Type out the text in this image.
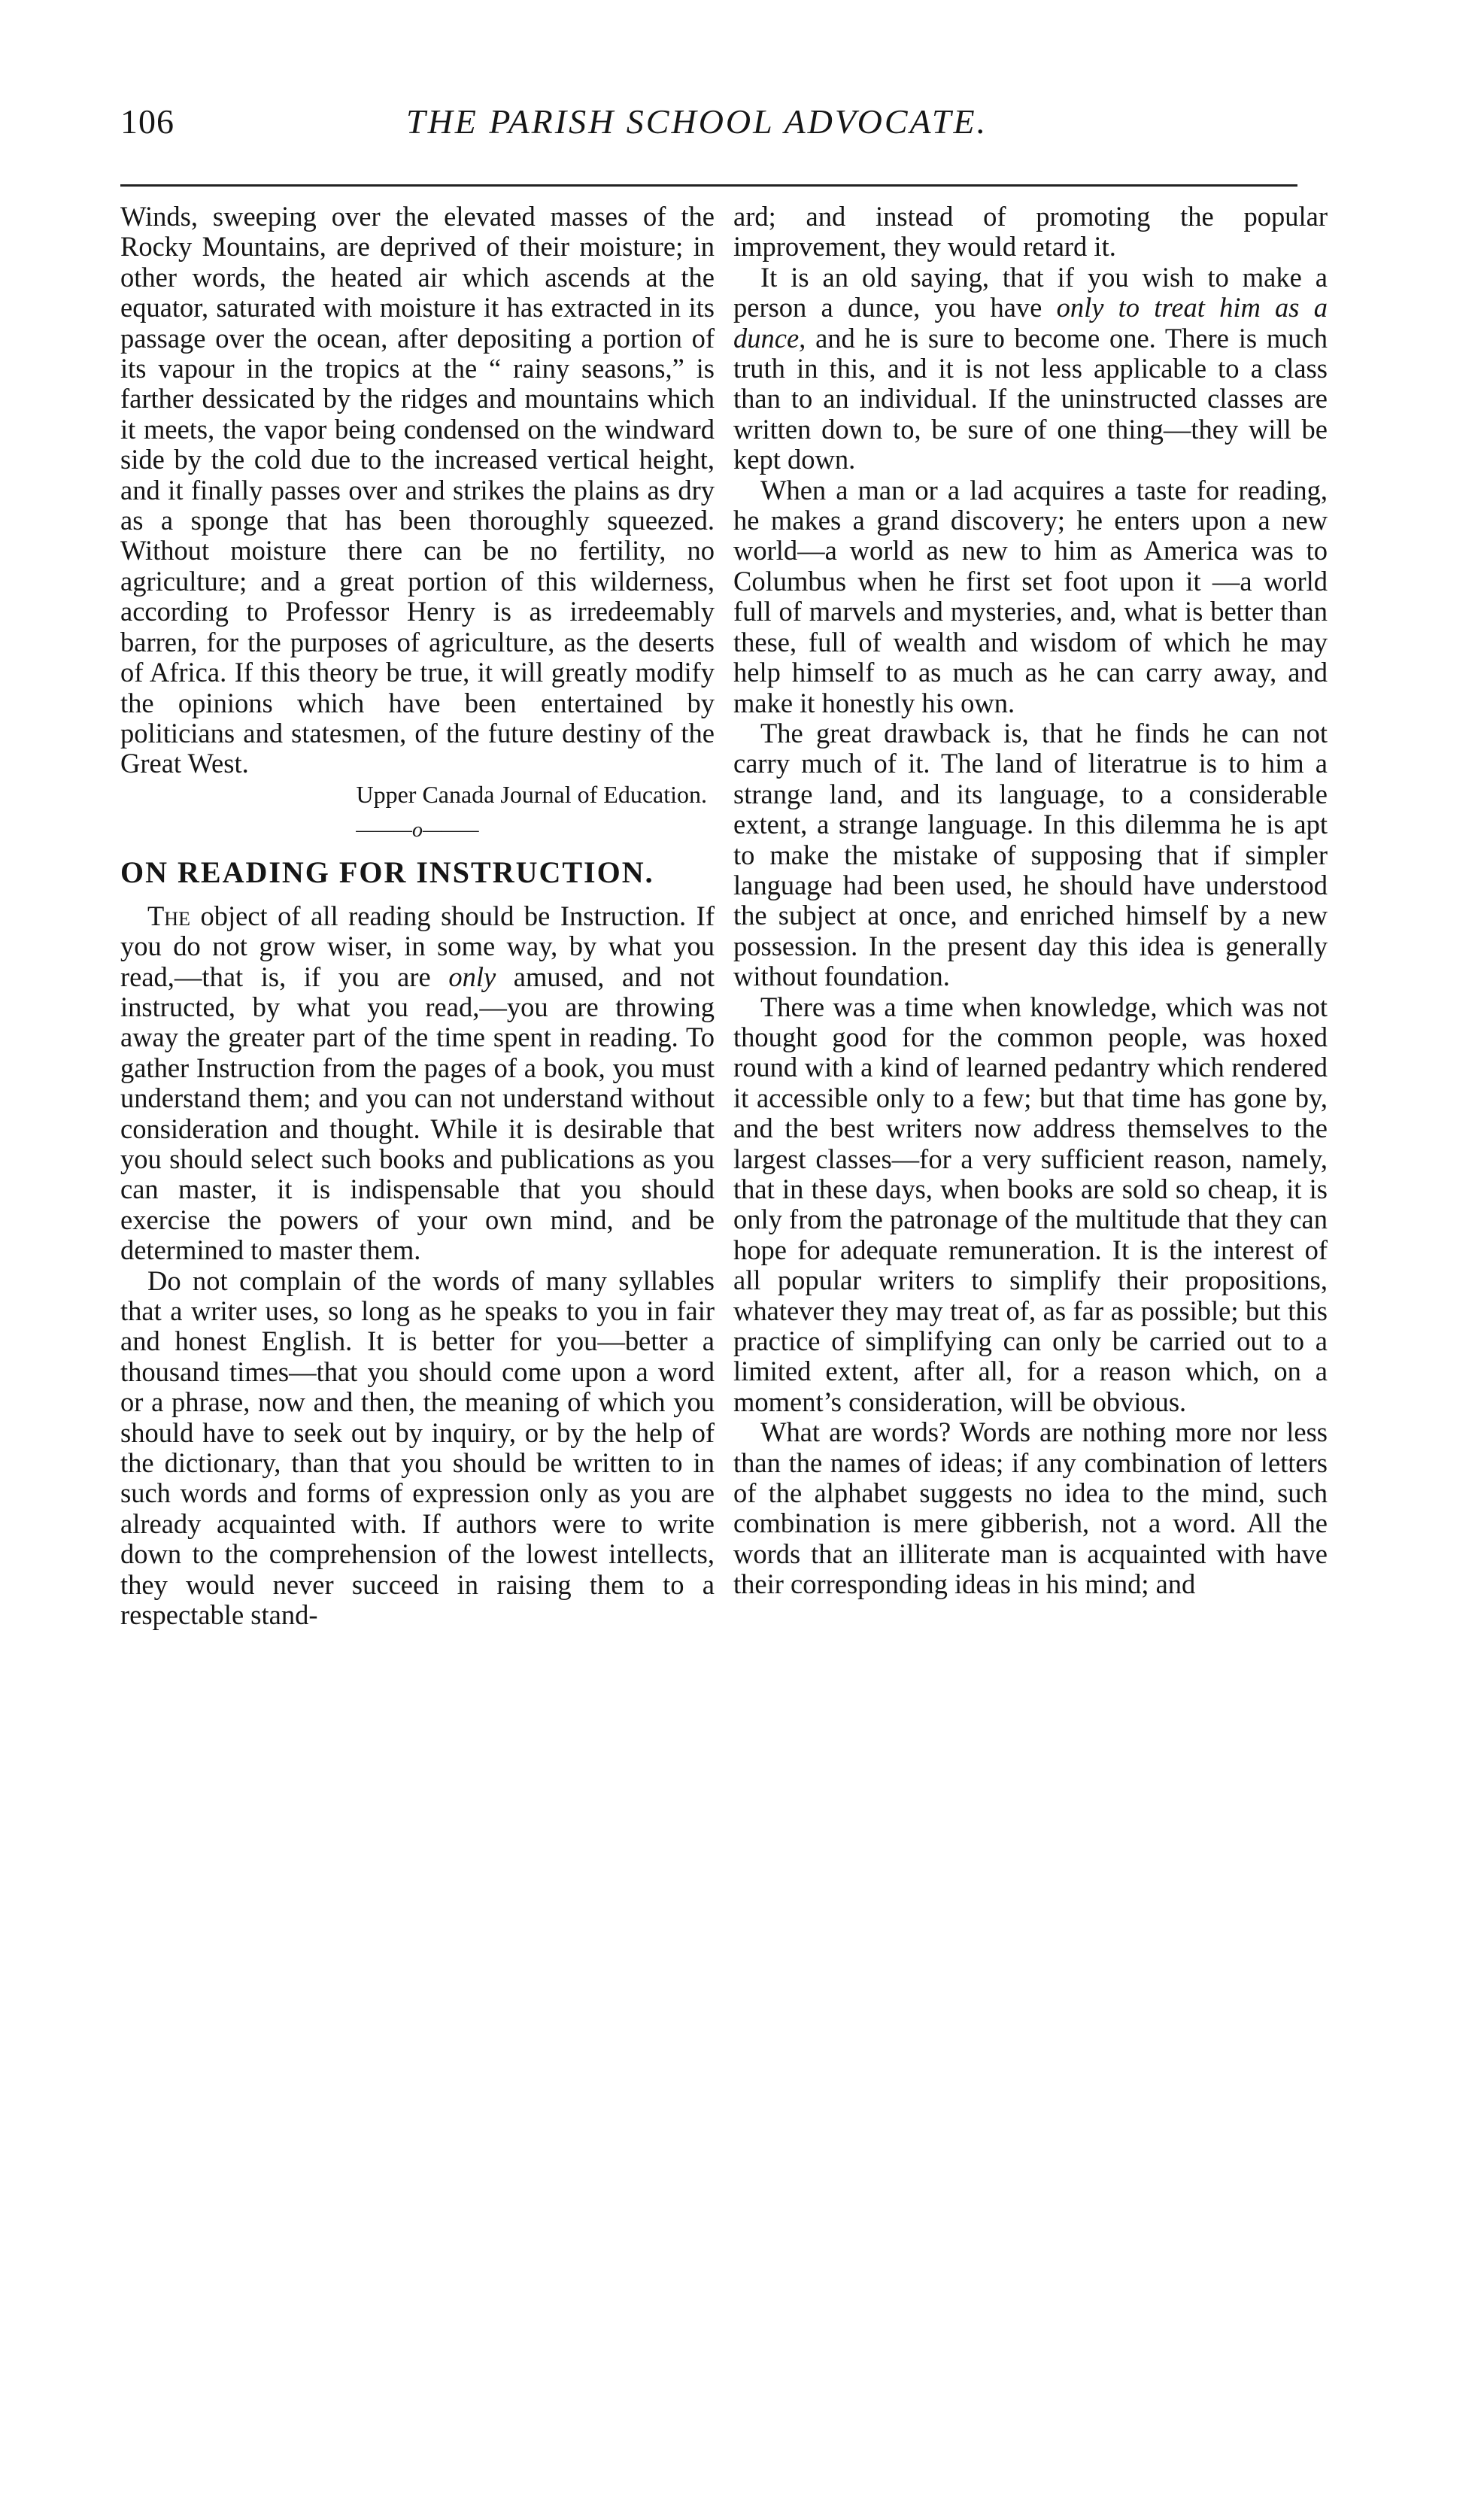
106	THE PARISH SCHOOL ADVOCATE.

Winds, sweeping over the elevated masses of the Rocky Mountains, are deprived of their moisture; in other words, the heated air which ascends at the equator, saturated with moisture it has extracted in its passage over the ocean, after depositing a portion of its vapour in the tropics at the “ rainy seasons,” is farther dessicated by the ridges and mountains which it meets, the vapor being condensed on the windward side by the cold due to the increased vertical height, and it finally passes over and strikes the plains as dry as a sponge that has been thoroughly squeezed. Without moisture there can be no fertility, no agriculture; and a great portion of this wilderness, according to Professor Henry is as irredeemably barren, for the purposes of agriculture, as the deserts of Africa. If this theory be true, it will greatly modify the opinions which have been entertained by politicians and statesmen, of the future destiny of the Great West.

Upper Canada Journal of Education.

———o———
ON READING FOR INSTRUCTION.

The object of all reading should be Instruction. If you do not grow wiser, in some way, by what you read,—that is, if you are only amused, and not instructed, by what you read,—you are throwing away the greater part of the time spent in reading. To gather Instruction from the pages of a book, you must understand them; and you can not understand without consideration and thought. While it is desirable that you should select such books and publications as you can master, it is indispensable that you should exercise the powers of your own mind, and be determined to master them.

Do not complain of the words of many syllables that a writer uses, so long as he speaks to you in fair and honest English. It is better for you—better a thousand times—that you should come upon a word or a phrase, now and then, the meaning of which you should have to seek out by inquiry, or by the help of the dictionary, than that you should be written to in such words and forms of expression only as you are already acquainted with. If authors were to write down to the comprehension of the lowest intellects, they would never succeed in raising them to a respectable stand-

ard; and instead of promoting the popular improvement, they would retard it.

It is an old saying, that if you wish to make a person a dunce, you have only to treat him as a dunce, and he is sure to become one. There is much truth in this, and it is not less applicable to a class than to an individual. If the uninstructed classes are written down to, be sure of one thing—they will be kept down.

When a man or a lad acquires a taste for reading, he makes a grand discovery; he enters upon a new world—a world as new to him as America was to Columbus when he first set foot upon it —a world full of marvels and mysteries, and, what is better than these, full of wealth and wisdom of which he may help himself to as much as he can carry away, and make it honestly his own.

The great drawback is, that he finds he can not carry much of it. The land of literatrue is to him a strange land, and its language, to a considerable extent, a strange language. In this dilemma he is apt to make the mistake of supposing that if simpler language had been used, he should have understood the subject at once, and enriched himself by a new possession. In the present day this idea is generally without foundation.

There was a time when knowledge, which was not thought good for the common people, was hoxed round with a kind of learned pedantry which rendered it accessible only to a few; but that time has gone by, and the best writers now address themselves to the largest classes—for a very sufficient reason, namely, that in these days, when books are sold so cheap, it is only from the patronage of the multitude that they can hope for adequate remuneration. It is the interest of all popular writers to simplify their propositions, whatever they may treat of, as far as possible; but this practice of simplifying can only be carried out to a limited extent, after all, for a reason which, on a moment’s consideration, will be obvious.

What are words? Words are nothing more nor less than the names of ideas; if any combination of letters of the alphabet suggests no idea to the mind, such combination is mere gibberish, not a word. All the words that an illiterate man is acquainted with have their corresponding ideas in his mind; and
